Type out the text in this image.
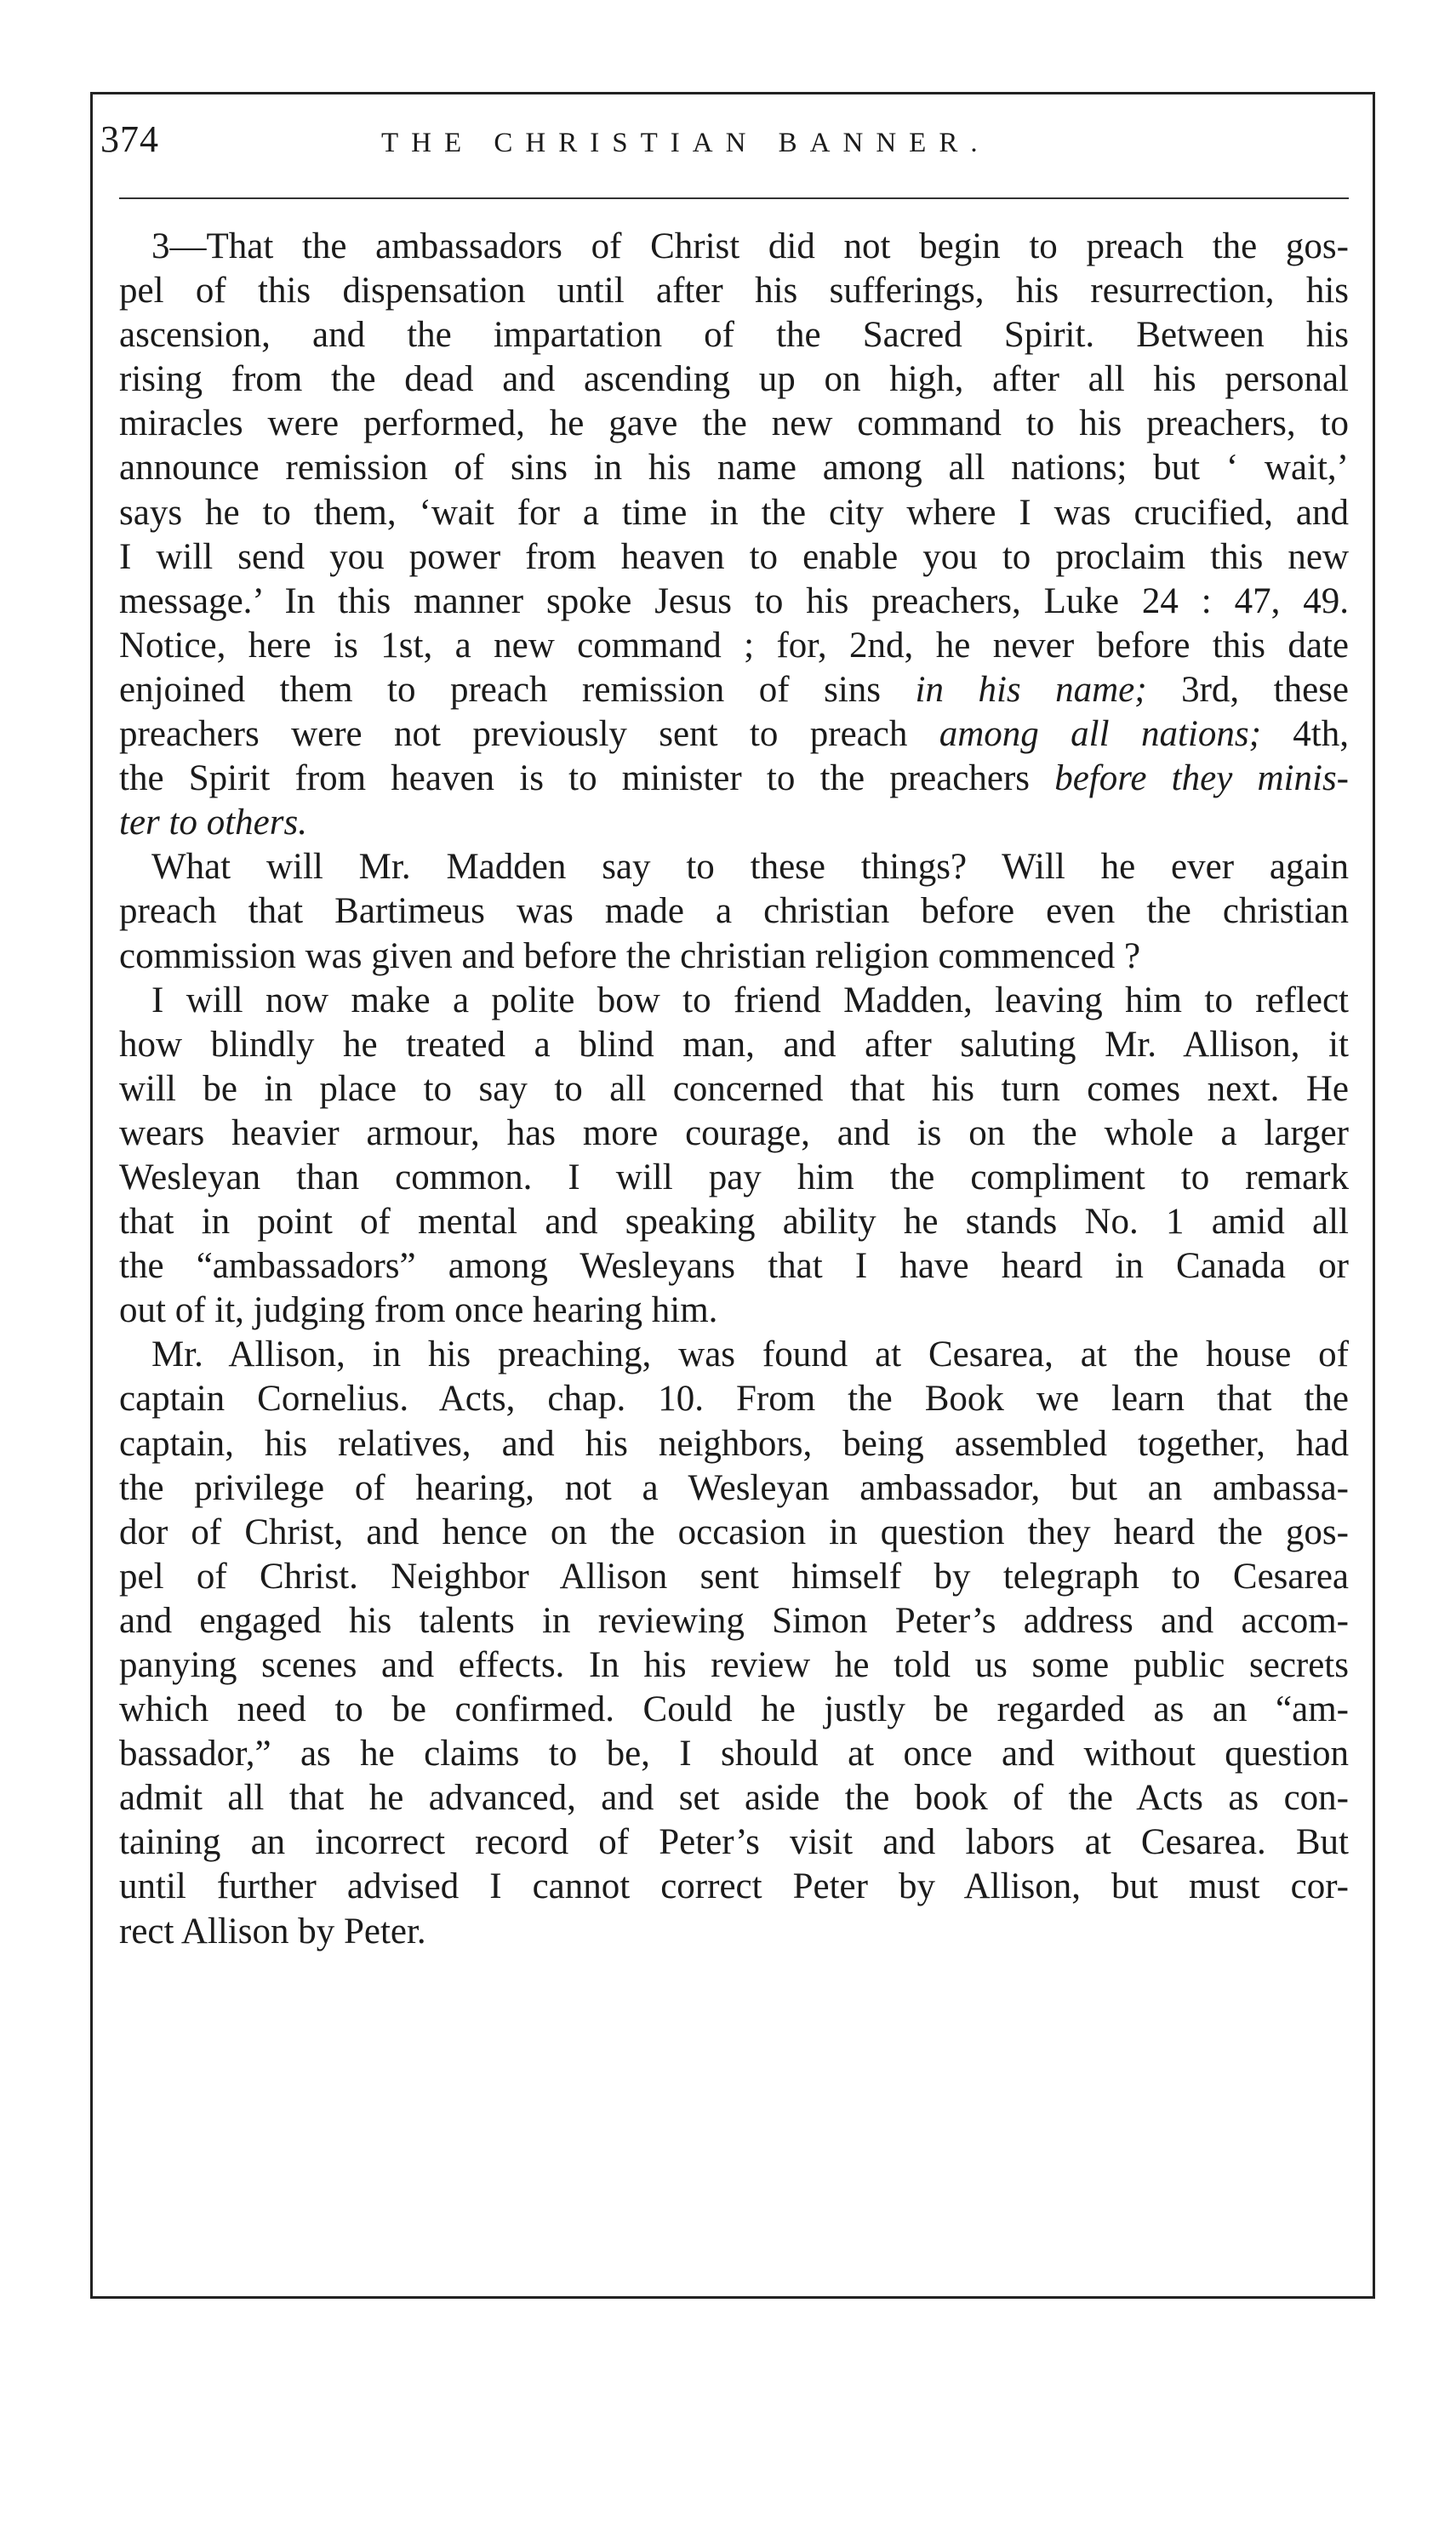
374	THE CHRISTIAN BANNER.
3—That the ambassadors of Christ did not begin to preach the gos-
pel of this dispensation until after his sufferings, his resurrection, his
ascension, and the impartation of the Sacred Spirit. Between his
rising from the dead and ascending up on high, after all his personal
miracles were performed, he gave the new command to his preachers, to
announce remission of sins in his name among all nations; but ‘ wait,’
says he to them, ‘wait for a time in the city where I was crucified, and
I will send you power from heaven to enable you to proclaim this new
message.’ In this manner spoke Jesus to his preachers, Luke 24 : 47, 49.
Notice, here is 1st, a new command ; for, 2nd, he never before this date
enjoined them to preach remission of sins in his name; 3rd, these
preachers were not previously sent to preach among all nations; 4th,
the Spirit from heaven is to minister to the preachers before they minis-
ter to others.
What will Mr. Madden say to these things? Will he ever again
preach that Bartimeus was made a christian before even the christian
commission was given and before the christian religion commenced ?
I will now make a polite bow to friend Madden, leaving him to reflect
how blindly he treated a blind man, and after saluting Mr. Allison, it
will be in place to say to all concerned that his turn comes next. He
wears heavier armour, has more courage, and is on the whole a larger
Wesleyan than common. I will pay him the compliment to remark
that in point of mental and speaking ability he stands No. 1 amid all
the “ambassadors” among Wesleyans that I have heard in Canada or
out of it, judging from once hearing him.
Mr. Allison, in his preaching, was found at Cesarea, at the house of
captain Cornelius. Acts, chap. 10. From the Book we learn that the
captain, his relatives, and his neighbors, being assembled together, had
the privilege of hearing, not a Wesleyan ambassador, but an ambassa-
dor of Christ, and hence on the occasion in question they heard the gos-
pel of Christ. Neighbor Allison sent himself by telegraph to Cesarea
and engaged his talents in reviewing Simon Peter’s address and accom-
panying scenes and effects. In his review he told us some public secrets
which need to be confirmed. Could he justly be regarded as an “am-
bassador,” as he claims to be, I should at once and without question
admit all that he advanced, and set aside the book of the Acts as con-
taining an incorrect record of Peter’s visit and labors at Cesarea. But
until further advised I cannot correct Peter by Allison, but must cor-
rect Allison by Peter.
